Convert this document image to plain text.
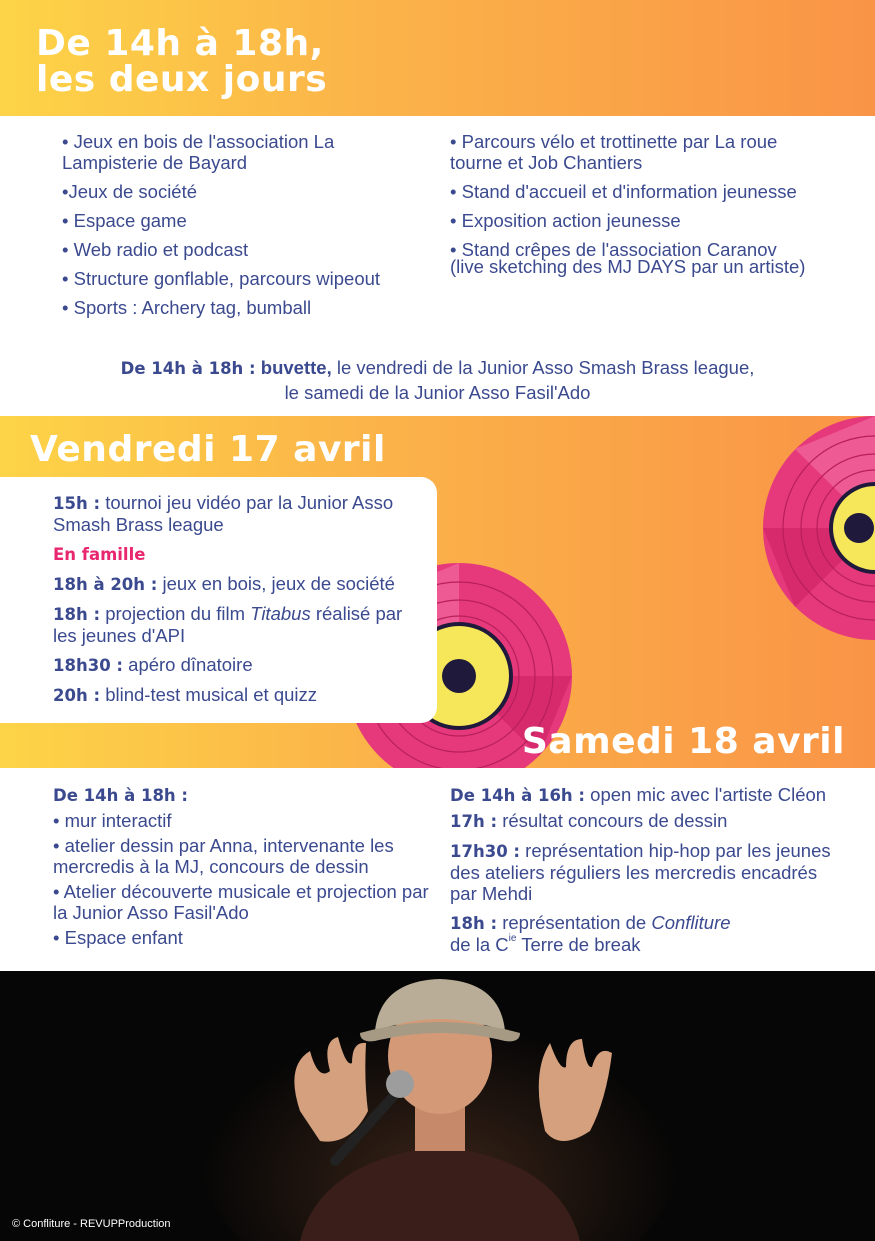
De 14h à 18h,
les deux jours
• Jeux en bois de l'association La Lampisterie de Bayard
•Jeux de société
• Espace game
• Web radio et podcast
• Structure gonflable, parcours wipeout
• Sports : Archery tag, bumball
• Parcours vélo et trottinette par La roue tourne et Job Chantiers
• Stand d'accueil et d'information jeunesse
• Exposition action jeunesse
• Stand crêpes de l'association Caranov
(live sketching des MJ DAYS par un artiste)
De 14h à 18h : buvette, le vendredi de la Junior Asso Smash Brass league,
le samedi de la Junior Asso Fasil'Ado
Vendredi 17 avril
15h : tournoi jeu vidéo par la Junior Asso Smash Brass league
En famille
18h à 20h : jeux en bois, jeux de société
18h : projection du film Titabus réalisé par les jeunes d'API
18h30 : apéro dînatoire
20h : blind-test musical et quizz
Samedi 18 avril
De 14h à 18h :
• mur interactif
• atelier dessin par Anna, intervenante les mercredis à la MJ, concours de dessin
• Atelier découverte musicale et projection par la Junior Asso Fasil'Ado
• Espace enfant
De 14h à 16h : open mic avec l'artiste Cléon
17h : résultat concours de dessin
17h30 : représentation hip-hop par les jeunes des ateliers réguliers les mercredis encadrés par Mehdi
18h : représentation de Confliture
de la $C^{ie}$ Terre de break
© Confliture - REVUPProduction
